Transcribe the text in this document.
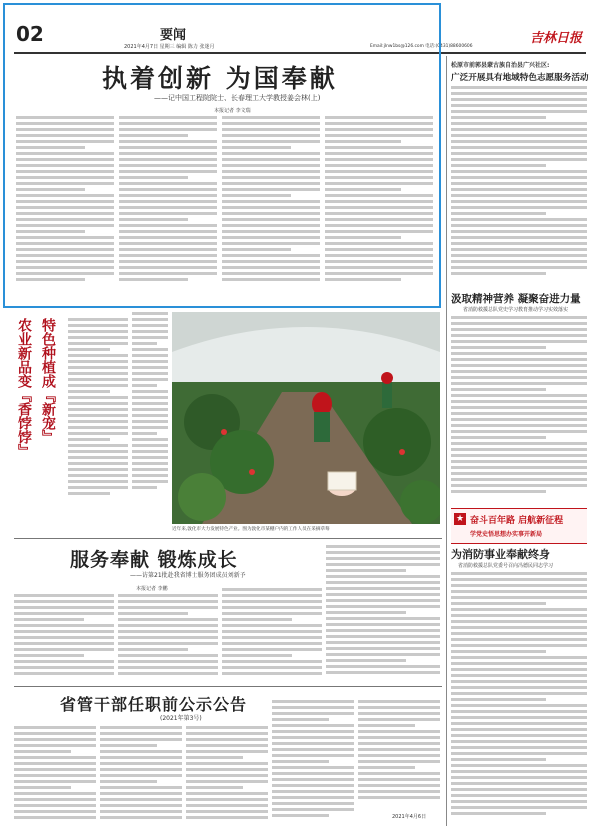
02	要闻
2021年4月7日 星期三 编辑 陈力 张迷月	Email:jlnw1bs@126.com 电话:(0431)88600606
吉林日报
执着创新 为国奉献
——记中国工程院院士、长春理工大学教授姜会林(上)
本报记者 李文瑞
松原市前郭县蒙古族自治县广兴社区:
广泛开展具有地域特色志愿服务活动
汲取精神营养 凝聚奋进力量
省消防救援总队党史学习教育推动学习实效落实
★ 奋斗百年路 启航新征程
学党史悟思想办实事开新局
为消防事业奉献终身
省消防救援总队党委号召向冯德民同志学习
特色种植成『新宠』
农业新品变『香饽饽』
近年来,敦化市大力发展特色产业。图为敦化市某棚户内的工作人员在采摘草莓
服务奉献 锻炼成长
——访第21批赴我省博士服务团成员刘新予
本报记者 李鹏
省管干部任职前公示公告
(2021年第3号)
2021年4月6日
